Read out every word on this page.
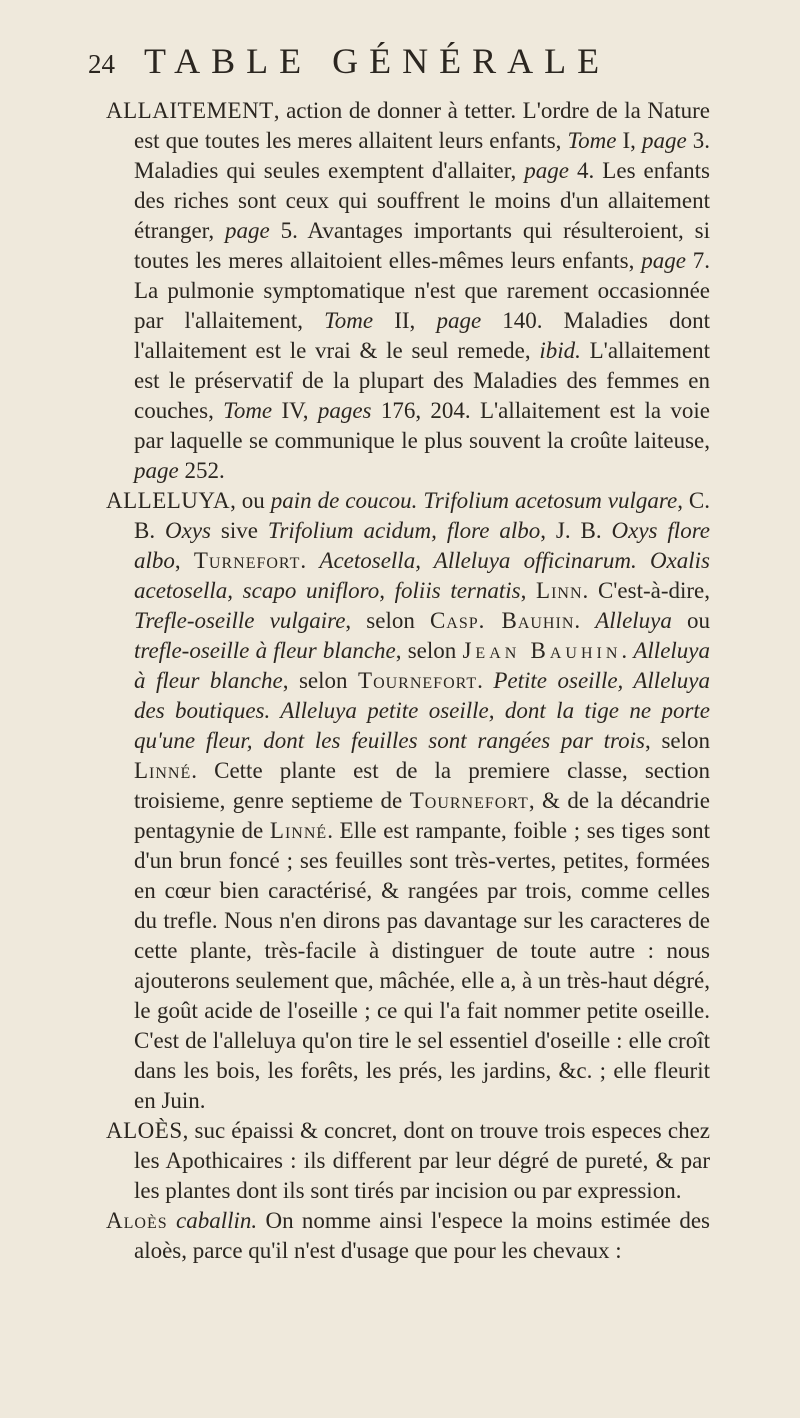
24 TABLE GÉNÉRALE

ALLAITEMENT, action de donner à tetter. L'ordre de la Nature est que toutes les meres allaitent leurs enfants, Tome I, page 3. Maladies qui seules exemptent d'allaiter, page 4. Les enfants des riches sont ceux qui souffrent le moins d'un allaitement étranger, page 5. Avantages importants qui résulteroient, si toutes les meres allaitoient elles-mêmes leurs enfants, page 7. La pulmonie symptomatique n'est que rarement occasionnée par l'allaitement, Tome II, page 140. Maladies dont l'allaitement est le vrai & le seul remede, ibid. L'allaitement est le préservatif de la plupart des Maladies des femmes en couches, Tome IV, pages 176, 204. L'allaitement est la voie par laquelle se communique le plus souvent la croûte laiteuse, page 252.

ALLELUYA, ou pain de coucou. Trifolium acetosum vulgare, C. B. Oxys sive Trifolium acidum, flore albo, J. B. Oxys flore albo, Turnefort. Acetosella, Alleluya officinarum. Oxalis acetosella, scapo unifloro, foliis ternatis, Linn. C'est-à-dire, Trefle-oseille vulgaire, selon Casp. Bauhin. Alleluya ou trefle-oseille à fleur blanche, selon Jean Bauhin. Alleluya à fleur blanche, selon Tournefort. Petite oseille, Alleluya des boutiques. Alleluya petite oseille, dont la tige ne porte qu'une fleur, dont les feuilles sont rangées par trois, selon Linné. Cette plante est de la premiere classe, section troisieme, genre septieme de Tournefort, & de la décandrie pentagynie de Linné. Elle est rampante, foible ; ses tiges sont d'un brun foncé ; ses feuilles sont très-vertes, petites, formées en cœur bien caractérisé, & rangées par trois, comme celles du trefle. Nous n'en dirons pas davantage sur les caracteres de cette plante, très-facile à distinguer de toute autre : nous ajouterons seulement que, mâchée, elle a, à un très-haut dégré, le goût acide de l'oseille ; ce qui l'a fait nommer petite oseille. C'est de l'alleluya qu'on tire le sel essentiel d'oseille : elle croît dans les bois, les forêts, les prés, les jardins, &c. ; elle fleurit en Juin.

ALOÈS, suc épaissi & concret, dont on trouve trois especes chez les Apothicaires : ils different par leur dégré de pureté, & par les plantes dont ils sont tirés par incision ou par expression.

Aloès caballin. On nomme ainsi l'espece la moins estimée des aloès, parce qu'il n'est d'usage que pour les chevaux :
